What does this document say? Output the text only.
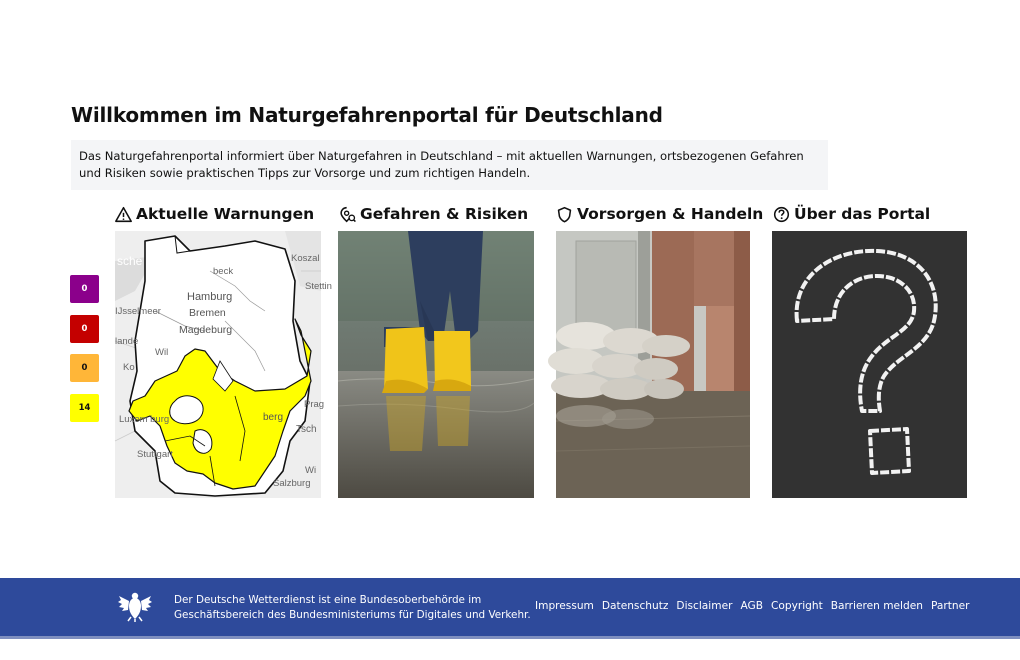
Willkommen im Naturgefahrenportal für Deutschland
Das Naturgefahrenportal informiert über Naturgefahren in Deutschland – mit aktuellen Warnungen, ortsbezogenen Gefahren und Risiken sowie praktischen Tipps zur Vorsorge und zum richtigen Handeln.
0
0
0
14
Aktuelle Warnungen
Hamburg
Bremen
Magdeburg
IJsselmeer
lande
beck
sche	Koszal
Stettin
Wil
Ko
Prag
berg
Tsch
Luxem burg
Stuttgart
Wi
Salzburg
Gefahren & Risiken	Vorsorgen & Handeln Über das Portal
Der Deutsche Wetterdienst ist eine Bundesoberbehörde im
Geschäftsbereich des Bundesministeriums für Digitales und Verkehr.
Impressum Datenschutz Disclaimer AGB Copyright Barrieren melden Partner
